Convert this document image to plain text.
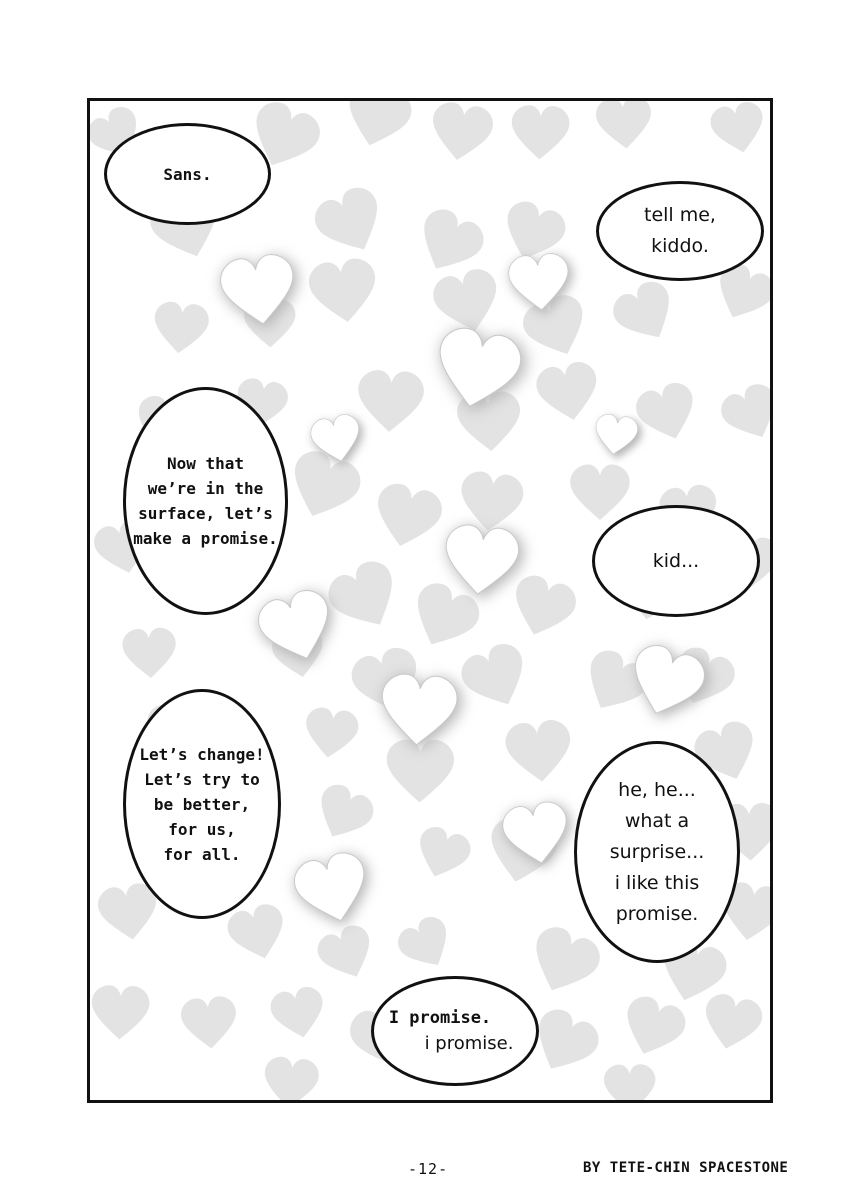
Sans.
tell me,
kiddo.
Now that
we’re in the
surface, let’s
make a promise.
kid...
Let’s change!
Let’s try to
be better,
for us,
for all.
he, he...
what a
surprise...
i like this
promise.
I promise.
i promise.
-12-	BY TETE-CHIN SPACESTONE
